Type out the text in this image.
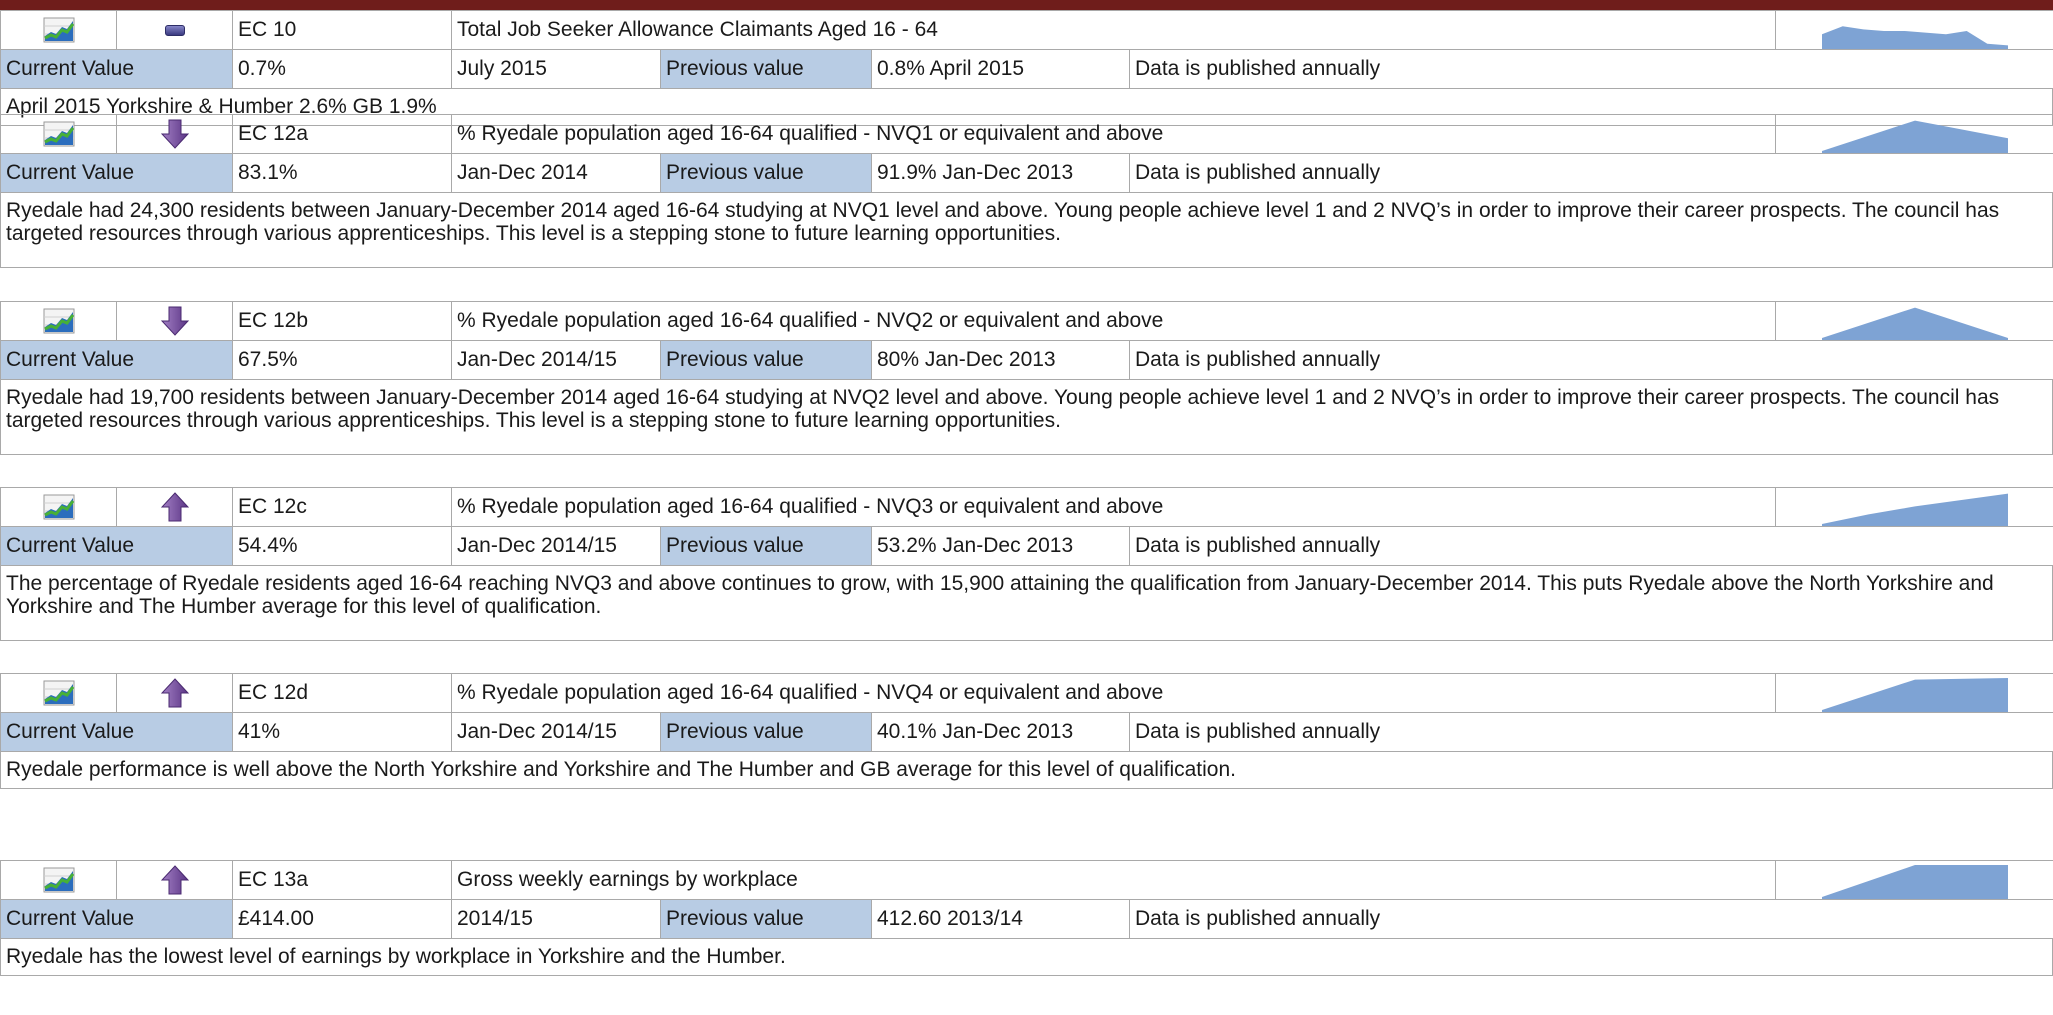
		EC 10	Total Job Seeker Allowance Claimants Aged 16 - 64	

Current Value		0.7%	July 2015	Previous value	0.8% April 2015	Data is published annually	
April 2015 Yorkshire & Humber 2.6% GB 1.9%

	EC 12a	% Ryedale population aged 16-64 qualified - NVQ1 or equivalent and above	

Current Value		83.1%	Jan-Dec 2014	Previous value	91.9% Jan-Dec 2013	Data is published annually	
Ryedale had 24,300 residents between January-December 2014 aged 16-64 studying at NVQ1 level and above. Young people achieve level 1 and 2 NVQ’s in order to improve their career prospects. The council has targeted resources through various apprenticeships. This level is a stepping stone to future learning opportunities.

	EC 12b	% Ryedale population aged 16-64 qualified - NVQ2 or equivalent and above	

Current Value		67.5%	Jan-Dec 2014/15	Previous value	80% Jan-Dec 2013	Data is published annually	
Ryedale had 19,700 residents between January-December 2014 aged 16-64 studying at NVQ2 level and above. Young people achieve level 1 and 2 NVQ’s in order to improve their career prospects. The council has targeted resources through various apprenticeships. This level is a stepping stone to future learning opportunities.

	EC 12c	% Ryedale population aged 16-64 qualified - NVQ3 or equivalent and above	

Current Value		54.4%	Jan-Dec 2014/15	Previous value	53.2% Jan-Dec 2013	Data is published annually	
The percentage of Ryedale residents aged 16-64 reaching NVQ3 and above continues to grow, with 15,900 attaining the qualification from January-December 2014. This puts Ryedale above the North Yorkshire and Yorkshire and The Humber average for this level of qualification.

	EC 12d	% Ryedale population aged 16-64 qualified - NVQ4 or equivalent and above	

Current Value		41%	Jan-Dec 2014/15	Previous value	40.1% Jan-Dec 2013	Data is published annually	
Ryedale performance is well above the North Yorkshire and Yorkshire and The Humber and GB average for this level of qualification.

	EC 13a	Gross weekly earnings by workplace	

Current Value		£414.00	2014/15	Previous value	412.60 2013/14	Data is published annually	
Ryedale has the lowest level of earnings by workplace in Yorkshire and the Humber.
